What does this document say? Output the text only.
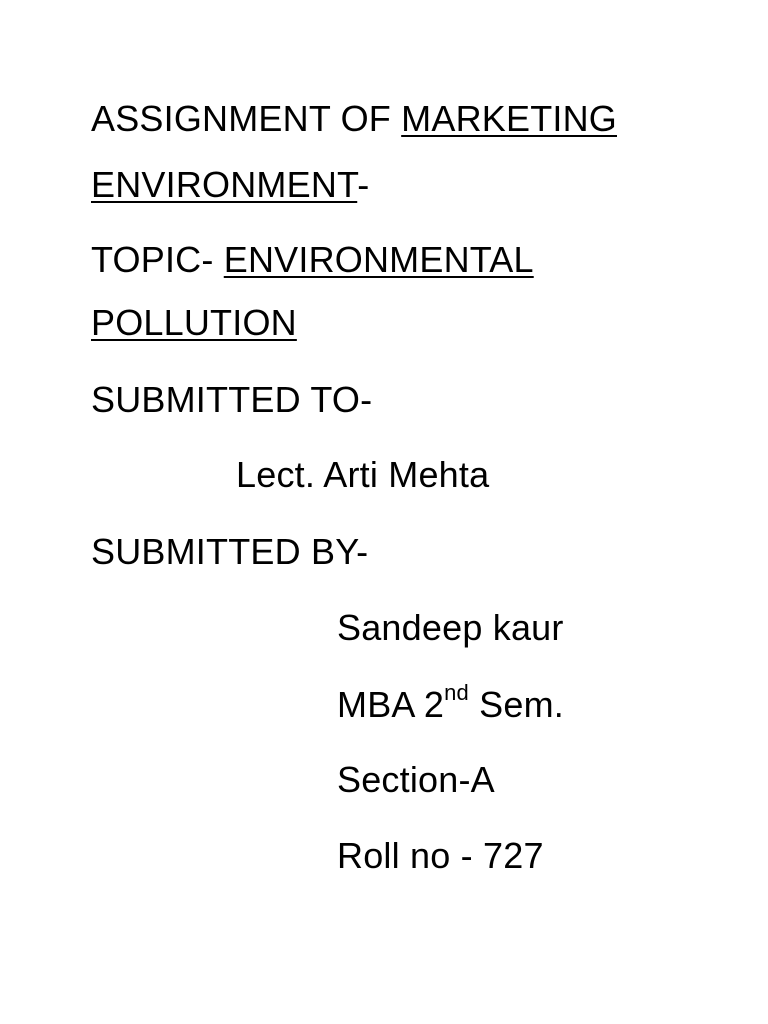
ASSIGNMENT OF MARKETING
ENVIRONMENT-
TOPIC- ENVIRONMENTAL
POLLUTION
SUBMITTED TO-
Lect. Arti Mehta
SUBMITTED BY-
Sandeep kaur
MBA 2nd Sem.
Section-A
Roll no - 727
